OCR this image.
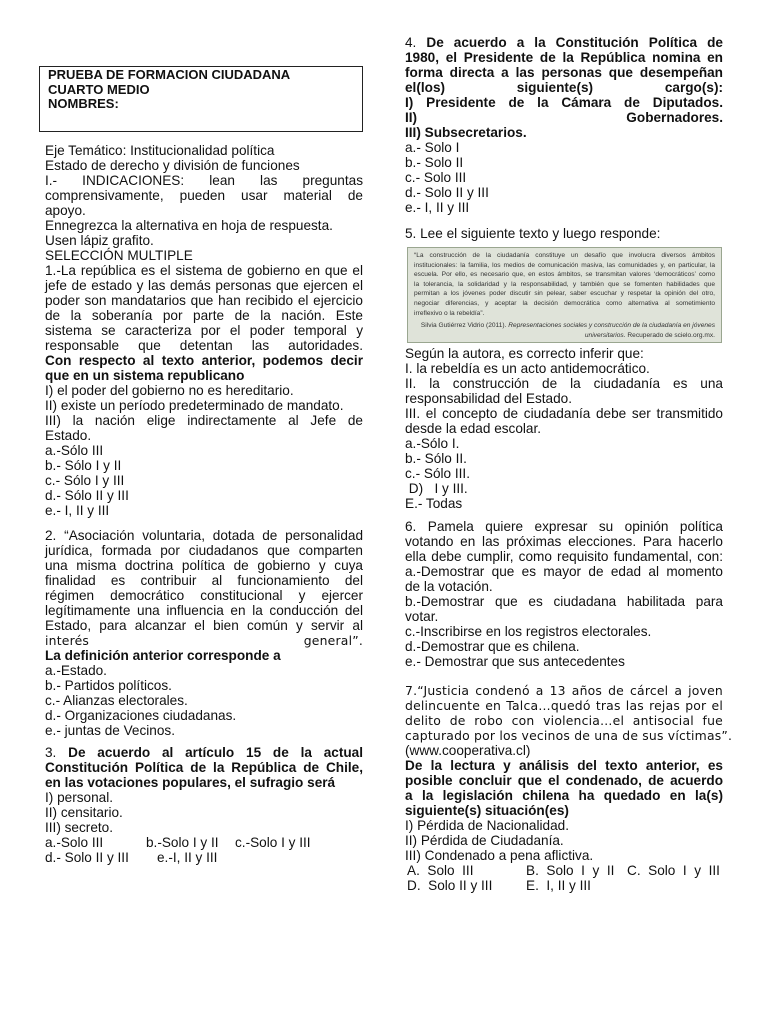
PRUEBA DE FORMACION CIUDADANA
CUARTO MEDIO
NOMBRES:
Eje Temático: Institucionalidad política
Estado de derecho y división de funciones
I.- INDICACIONES: lean las preguntas
comprensivamente, pueden usar material de
apoyo.
Ennegrezca la alternativa en hoja de respuesta.
Usen lápiz grafito.
SELECCIÓN MULTIPLE
1.-La república es el sistema de gobierno en que el
jefe de estado y las demás personas que ejercen el
poder son mandatarios que han recibido el ejercicio
de la soberanía por parte de la nación. Este
sistema se caracteriza por el poder temporal y
responsable que detentan las autoridades.
Con respecto al texto anterior, podemos decir
que en un sistema republicano
I) el poder del gobierno no es hereditario.
II) existe un período predeterminado de mandato.
III) la nación elige indirectamente al Jefe de
Estado.
a.-Sólo III
b.- Sólo I y II
c.- Sólo I y III
d.- Sólo II y III
e.- I, II y III
2. “Asociación voluntaria, dotada de personalidad
jurídica, formada por ciudadanos que comparten
una misma doctrina política de gobierno y cuya
finalidad es contribuir al funcionamiento del
régimen democrático constitucional y ejercer
legítimamente una influencia en la conducción del
Estado, para alcanzar el bien común y servir al
interés	general”.
La definición anterior corresponde a
a.-Estado.
b.- Partidos políticos.
c.- Alianzas electorales.
d.- Organizaciones ciudadanas.
e.- juntas de Vecinos.
3. De acuerdo al artículo 15 de la actual
Constitución Política de la República de Chile,
en las votaciones populares, el sufragio será
I) personal.
II) censitario.
III) secreto.
a.-Solo III	b.-Solo I y II c.-Solo I y III
d.- Solo II y III e.-I, II y III
4. De acuerdo a la Constitución Política de
1980, el Presidente de la República nomina en
forma directa a las personas que desempeñan
el(los) siguiente(s) cargo(s):
I) Presidente de la Cámara de Diputados.
II) Gobernadores.
III) Subsecretarios.
a.- Solo I
b.- Solo II
c.- Solo III
d.- Solo II y III
e.- I, II y III
5. Lee el siguiente texto y luego responde:
“La construcción de la ciudadanía constituye un desafío que involucra diversos ámbitos
institucionales: la familia, los medios de comunicación masiva, las comunidades y, en particular, la
escuela. Por ello, es necesario que, en estos ámbitos, se transmitan valores ‘democráticos’ como
la tolerancia, la solidaridad y la responsabilidad, y también que se fomenten habilidades que
permitan a los jóvenes poder discutir sin pelear, saber escuchar y respetar la opinión del otro,
negociar diferencias, y aceptar la decisión democrática como alternativa al sometimiento
irreflexivo o la rebeldía”.
Silvia Gutiérrez Vidrio (2011). Representaciones sociales y construcción de la ciudadanía en jóvenes
universitarios. Recuperado de scielo.org.mx.
Según la autora, es correcto inferir que:
I. la rebeldía es un acto antidemocrático.
II. la construcción de la ciudadanía es una
responsabilidad del Estado.
III. el concepto de ciudadanía debe ser transmitido
desde la edad escolar.
a.-Sólo I.
b.- Sólo II.
c.- Sólo III.
D)   I y III.
E.- Todas
6. Pamela quiere expresar su opinión política
votando en las próximas elecciones. Para hacerlo
ella debe cumplir, como requisito fundamental, con:
a.-Demostrar que es mayor de edad al momento
de la votación.
b.-Demostrar que es ciudadana habilitada para
votar.
c.-Inscribirse en los registros electorales.
d.-Demostrar que es chilena.
e.- Demostrar que sus antecedentes
7.“Justicia condenó a 13 años de cárcel a joven
delincuente en Talca…quedó tras las rejas por el
delito de robo con violencia…el antisocial fue
capturado por los vecinos de una de sus víctimas”.
(www.cooperativa.cl)
De la lectura y análisis del texto anterior, es
posible concluir que el condenado, de acuerdo
a la legislación chilena ha quedado en la(s)
siguiente(s) situación(es)
I) Pérdida de Nacionalidad.
II) Pérdida de Ciudadanía.
III) Condenado a pena aflictiva.
A.  Solo  III	B.  Solo  I  y  II C.  Solo  I  y  III
D.  Solo II y III E.  I, II y III
